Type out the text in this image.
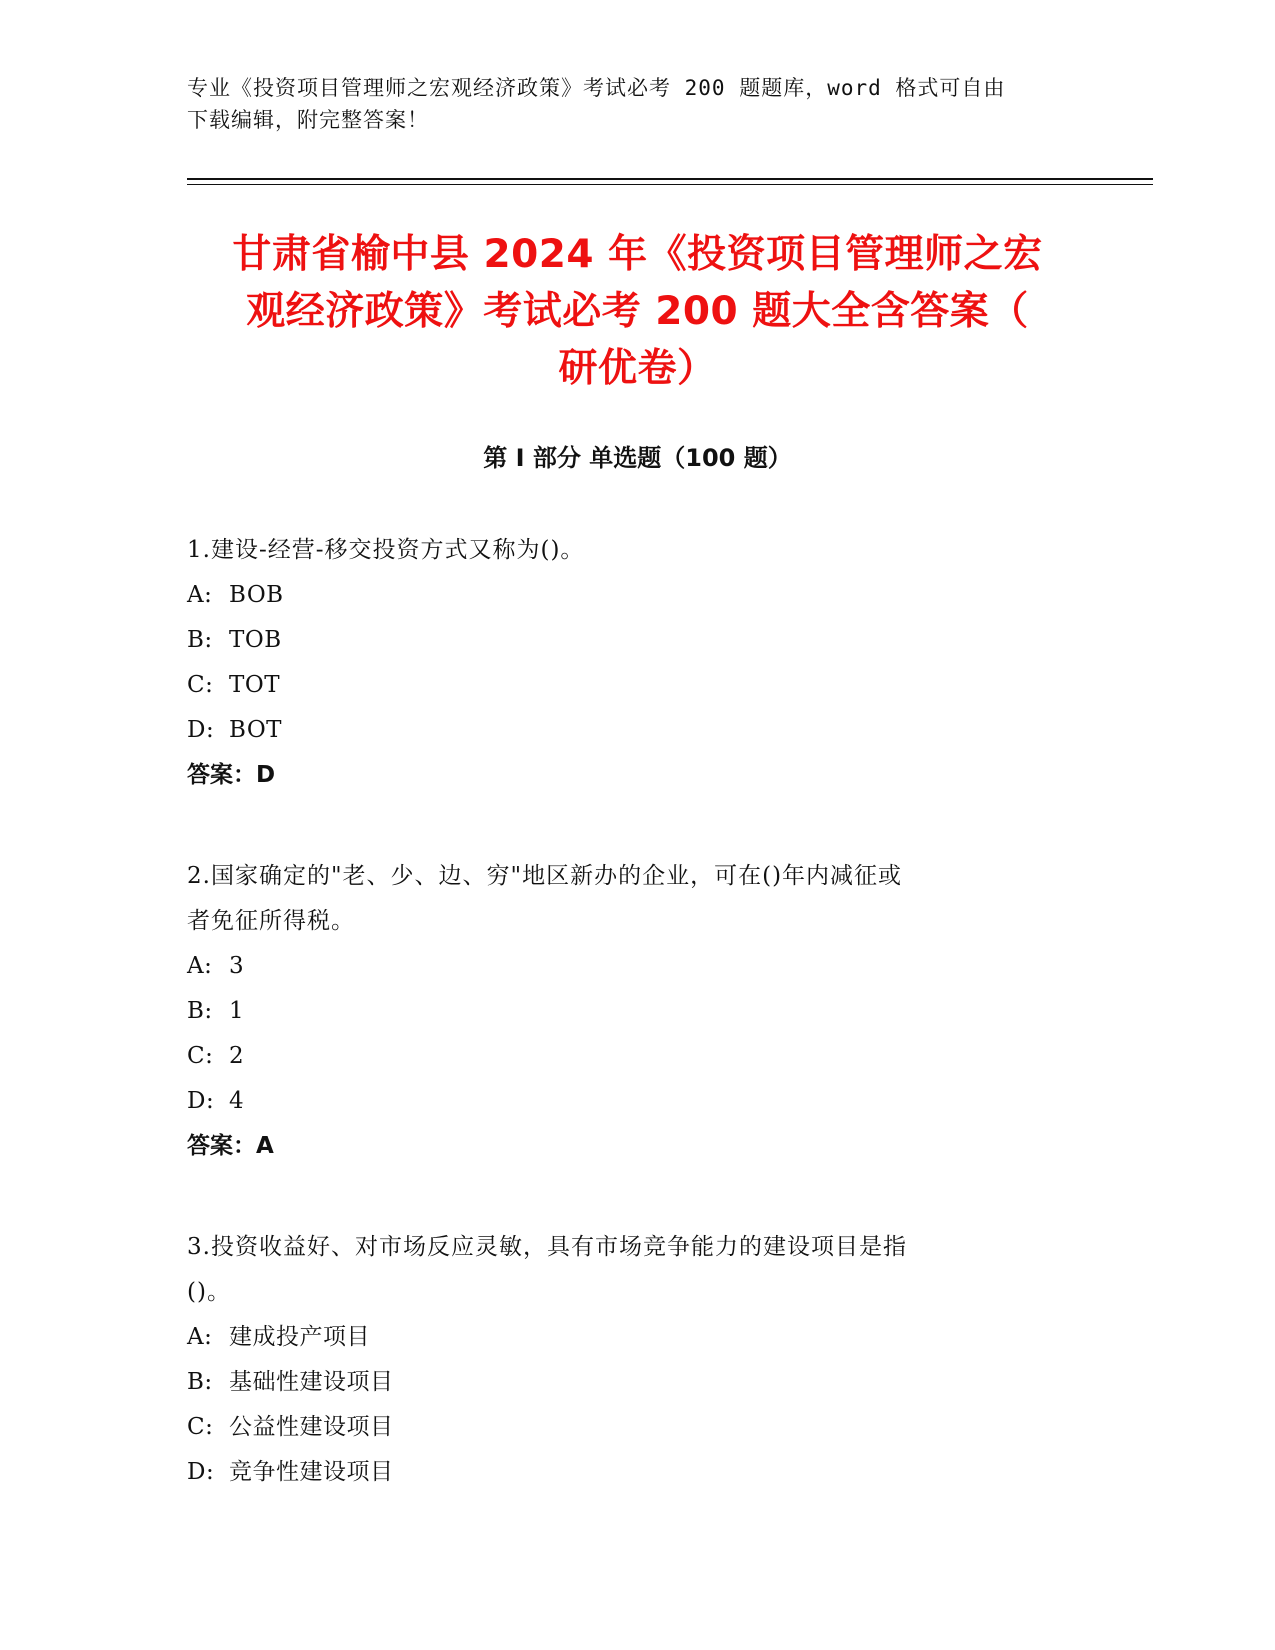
专业《投资项目管理师之宏观经济政策》考试必考 200 题题库，word 格式可自由
下载编辑，附完整答案！
甘肃省榆中县 2024 年《投资项目管理师之宏
观经济政策》考试必考 200 题大全含答案（
研优卷）
第 I 部分 单选题（100 题）

1.建设-经营-移交投资方式又称为()。

A: BOB

B: TOB

C: TOT

D: BOT

答案：D

2.国家确定的"老、少、边、穷"地区新办的企业，可在()年内减征或
者免征所得税。

A: 3

B: 1

C: 2

D: 4

答案：A

3.投资收益好、对市场反应灵敏，具有市场竞争能力的建设项目是指
()。

A: 建成投产项目

B: 基础性建设项目

C: 公益性建设项目

D: 竞争性建设项目
